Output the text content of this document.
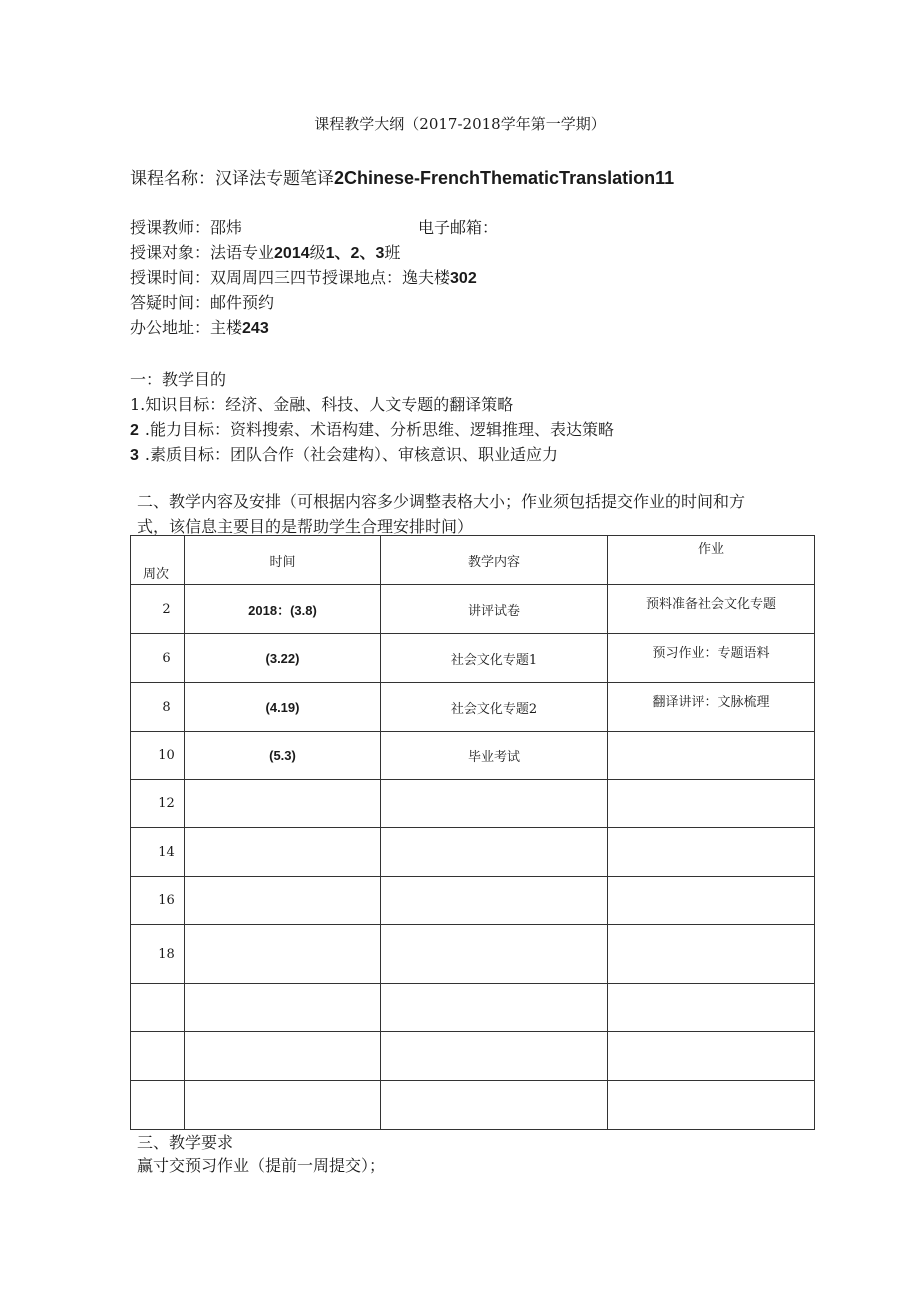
课程教学大纲（2017-2018学年第一学期）
课程名称：汉译法专题笔译2Chinese-FrenchThematicTranslation11
授课教师：邵炜	电子邮箱：
授课对象：法语专业2014级1、2、3班
授课时间：双周周四三四节授课地点：逸夫楼302
答疑时间：邮件预约
办公地址：主楼243
一：教学目的
1.知识目标：经济、金融、科技、人文专题的翻译策略
2 .能力目标：资料搜索、术语构建、分析思维、逻辑推理、表达策略
3 .素质目标：团队合作（社会建构）、审核意识、职业适应力
二、教学内容及安排（可根据内容多少调整表格大小；作业须包括提交作业的时间和方
式，该信息主要目的是帮助学生合理安排时间）
周次	时间	教学内容	作业
2	2018：(3.8)	讲评试卷	预料准备社会文化专题
6	(3.22)	社会文化专题1	预习作业：专题语料
8	(4.19)	社会文化专题2	翻译讲评：文脉梳理
10	(5.3)	毕业考试	
12			
14			
16			
18			

三、教学要求
赢寸交预习作业（提前一周提交）；
